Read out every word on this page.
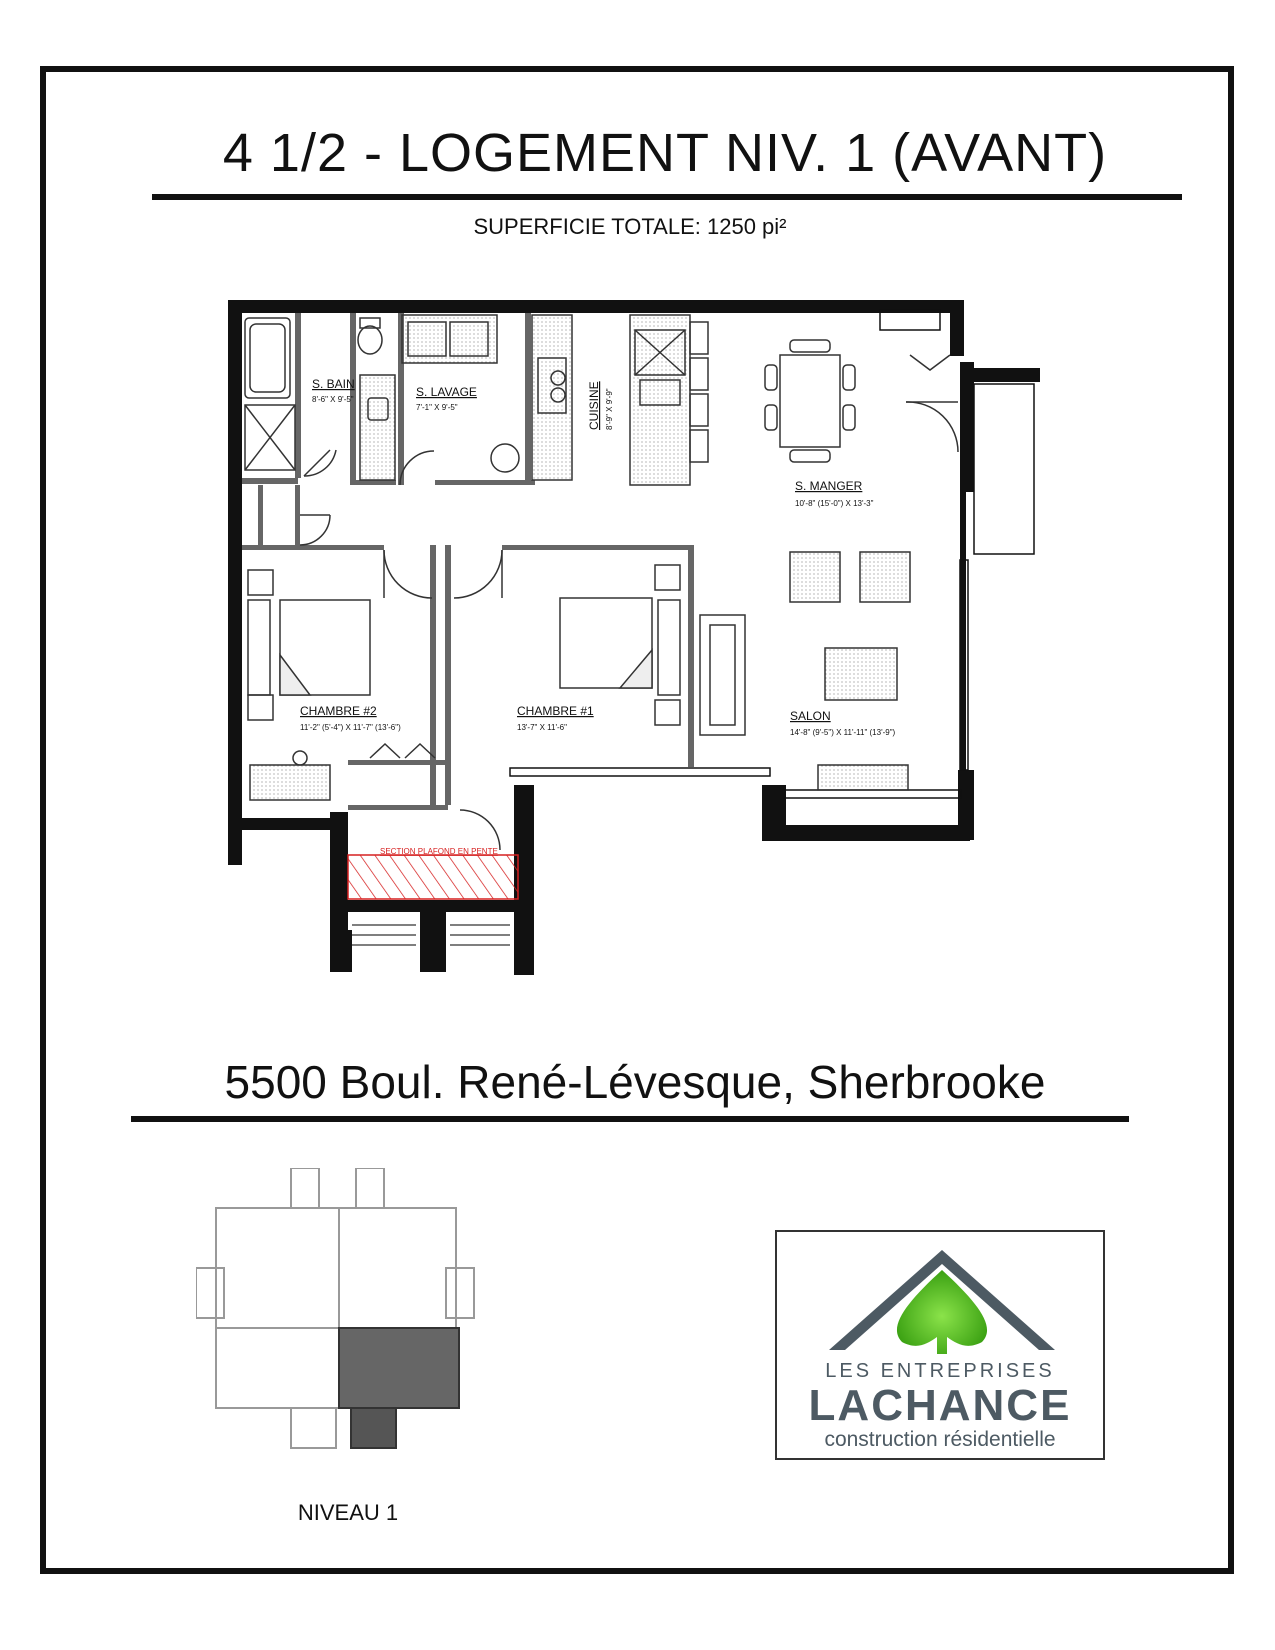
4 1/2 - LOGEMENT NIV. 1 (AVANT)
SUPERFICIE TOTALE: 1250 pi²
S. BAIN
8'-6" X 9'-5"
S. LAVAGE
7'-1" X 9'-5"	CUISINE 8'-9" X 9'-9"
S. MANGER
10'-8" (15'-0") X 13'-3"
CHAMBRE #2
11'-2" (5'-4") X 11'-7" (13'-6")
CHAMBRE #1
13'-7" X 11'-6"
SALON
14'-8" (9'-5") X 11'-11" (13'-9")
SECTION PLAFOND EN PENTE
5500 Boul. René-Lévesque, Sherbrooke
NIVEAU 1
LES ENTREPRISES
LACHANCE
construction résidentielle
